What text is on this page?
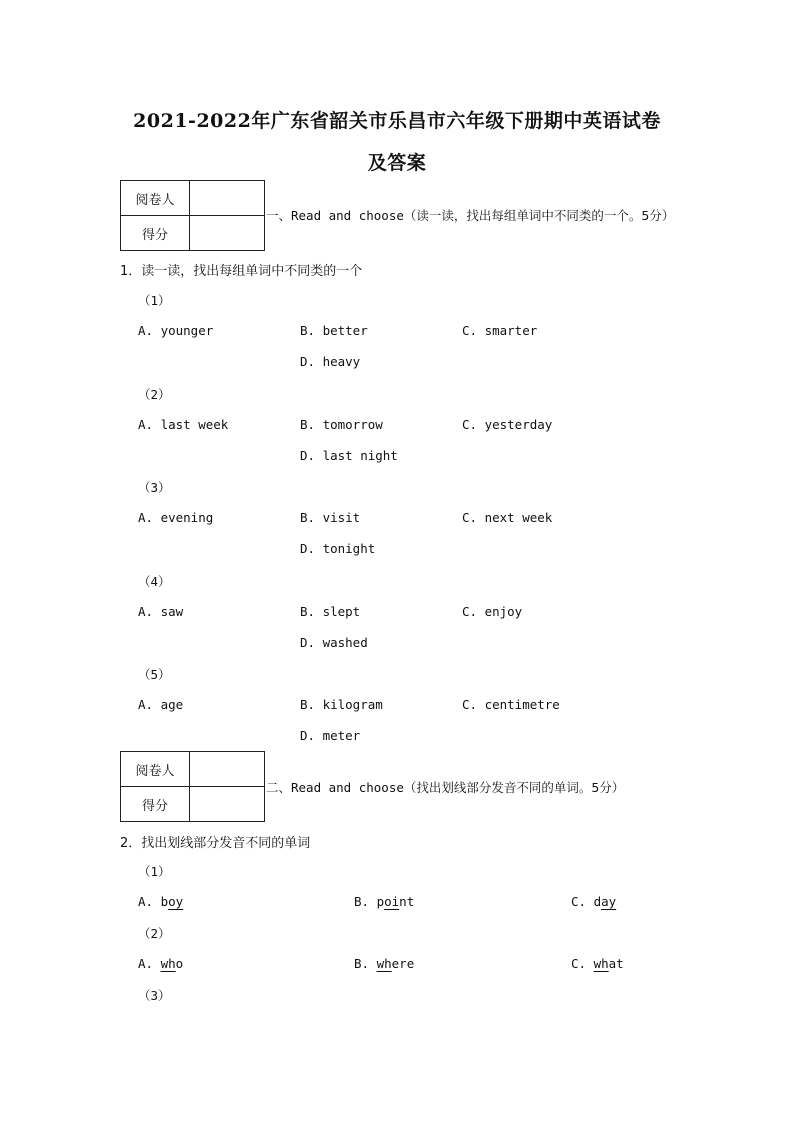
2021-2022年广东省韶关市乐昌市六年级下册期中英语试卷
及答案
阅卷人	
得分	
一、Read and choose（读一读，找出每组单词中不同类的一个。5分）
1．读一读，找出每组单词中不同类的一个
（1）
A. younger	B. better	C. smarter
D. heavy
（2）
A. last week	B. tomorrow	C. yesterday
D. last night
（3）
A. evening	B. visit	C. next week
D. tonight
（4）
A. saw	B. slept	C. enjoy
D. washed
（5）
A. age	B. kilogram	C. centimetre
D. meter
阅卷人	
得分	
二、Read and choose（找出划线部分发音不同的单词。5分）
2．找出划线部分发音不同的单词
（1）
A. boy	B. point	C. day
（2）
A. who	B. where	C. what
（3）
